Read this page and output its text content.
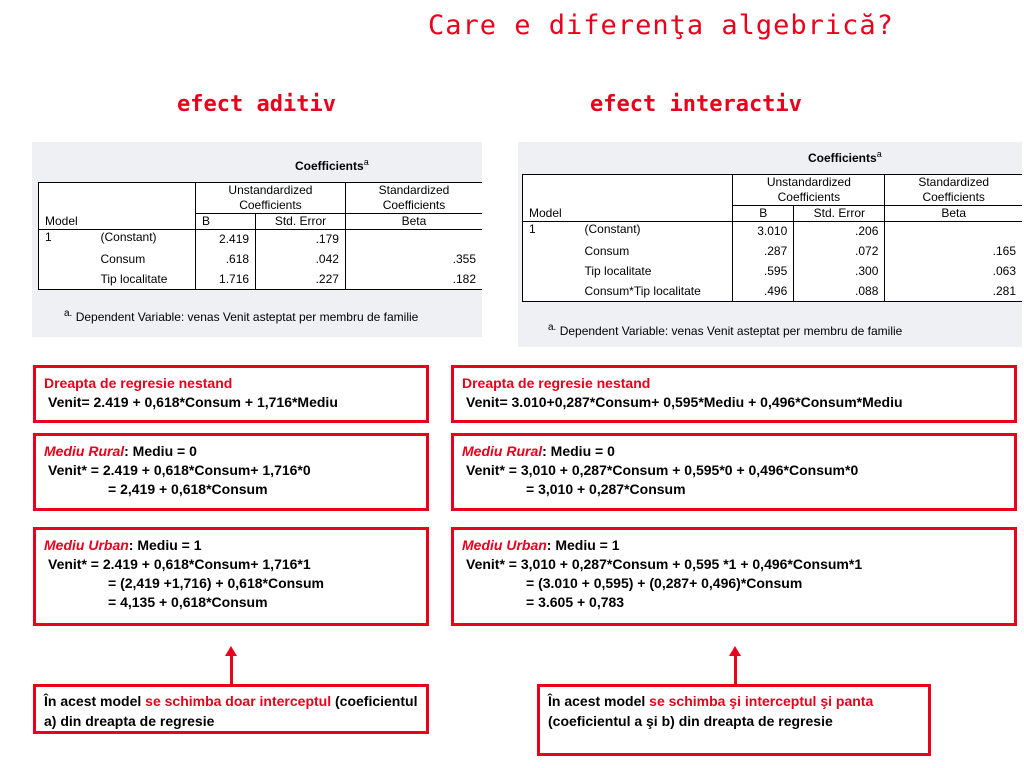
Care e diferenţa algebrică?
efect aditiv	efect interactiv
Coefficients$^a$
Model		Unstandardized Coefficients		Standardized Coefficients
		B	Std. Error	Beta
1	(Constant)	2.419	.179	
	Consum	.618	.042	.355
	Tip localitate	1.716	.227	.182
$^{a.}$ Dependent Variable: venas Venit asteptat per membru de familie
Coefficients$^a$
Model		Unstandardized Coefficients		Standardized Coefficients
		B	Std. Error	Beta
1	(Constant)	3.010	.206	
	Consum	.287	.072	.165
	Tip localitate	.595	.300	.063
	Consum*Tip localitate	.496	.088	.281
$^{a.}$ Dependent Variable: venas Venit asteptat per membru de familie
Dreapta de regresie nestand
Venit= 2.419 + 0,618*Consum + 1,716*Mediu
Mediu Rural: Mediu = 0
Venit* = 2.419 + 0,618*Consum+ 1,716*0
= 2,419 + 0,618*Consum
Mediu Urban: Mediu = 1
Venit* = 2.419 + 0,618*Consum+ 1,716*1
= (2,419 +1,716) + 0,618*Consum
= 4,135 + 0,618*Consum
Dreapta de regresie nestand
Venit= 3.010+0,287*Consum+ 0,595*Mediu + 0,496*Consum*Mediu
Mediu Rural: Mediu = 0
Venit* = 3,010 + 0,287*Consum + 0,595*0 + 0,496*Consum*0
= 3,010 + 0,287*Consum
Mediu Urban: Mediu = 1
Venit* = 3,010 + 0,287*Consum + 0,595 *1 + 0,496*Consum*1
= (3.010 + 0,595) + (0,287+ 0,496)*Consum
= 3.605 + 0,783
În acest model se schimba doar interceptul (coeficientul a) din dreapta de regresie
În acest model se schimba şi interceptul şi panta (coeficientul a şi b) din dreapta de regresie
